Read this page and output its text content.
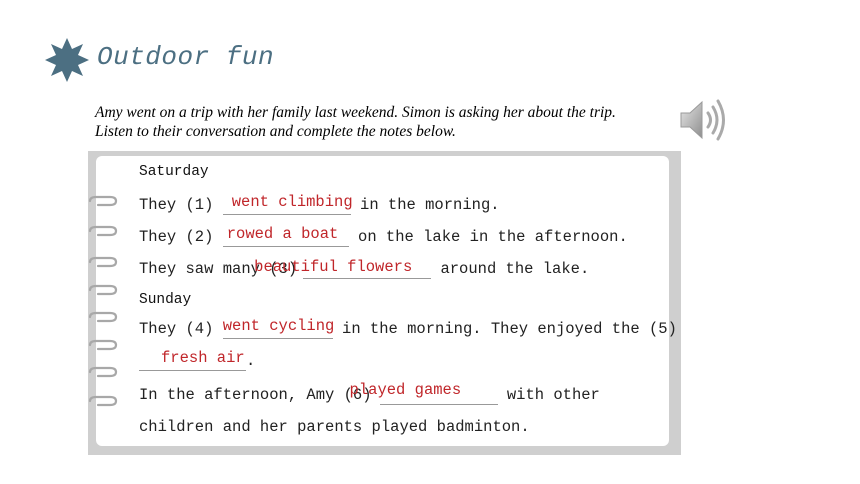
Outdoor fun
Amy went on a trip with her family last weekend. Simon is asking her about the trip.
Listen to their conversation and complete the notes below.
Saturday
They (1) went climbing
in the morning.
They (2) rowed a boat on the lake in the afternoon.
They saw many (3)
beautiful flowers around the lake.
Sunday
They (4) went cycling
in the morning. They enjoyed the (5)
fresh air .
In the afternoon, Amy (6)
played games with other
children and her parents played badminton.
